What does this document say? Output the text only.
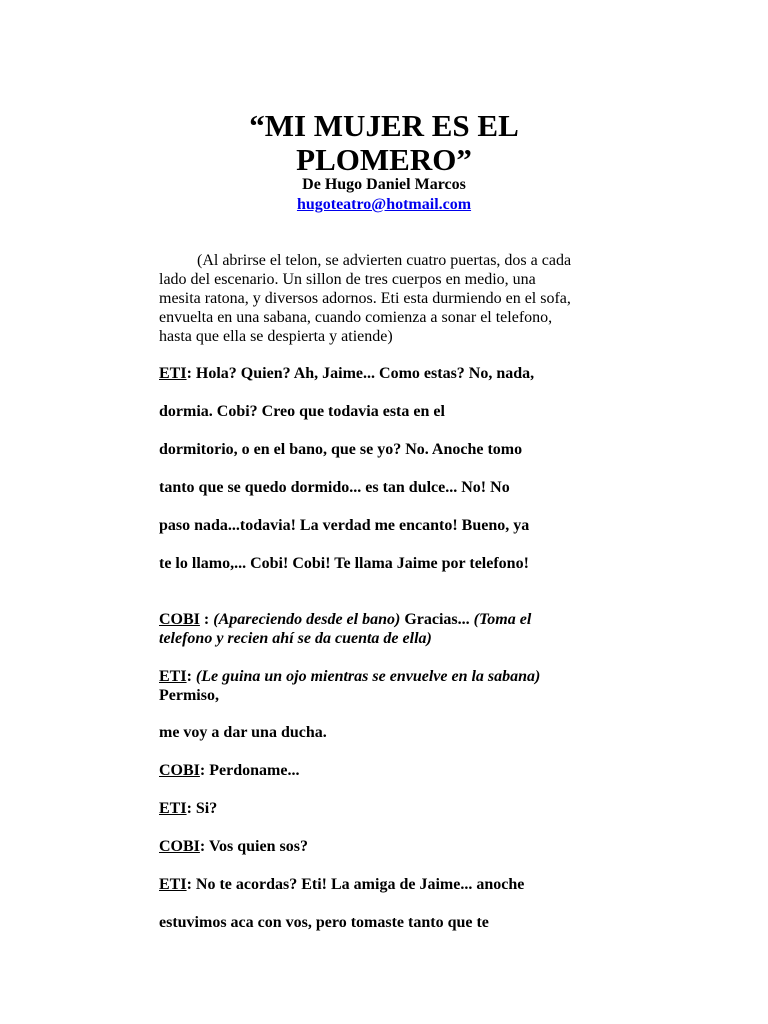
“MI MUJER ES EL
PLOMERO”
De Hugo Daniel Marcos
hugoteatro@hotmail.com
(Al abrirse el telon, se advierten cuatro puertas, dos a cada
lado del escenario. Un sillon de tres cuerpos en medio, una
mesita ratona, y diversos adornos. Eti esta durmiendo en el sofa,
envuelta en una sabana, cuando comienza a sonar el telefono,
hasta que ella se despierta y atiende)
ETI: Hola? Quien? Ah, Jaime... Como estas? No, nada,
dormia. Cobi? Creo que todavia esta en el
dormitorio, o en el bano, que se yo? No. Anoche tomo
tanto que se quedo dormido... es tan dulce... No! No
paso nada...todavia! La verdad me encanto! Bueno, ya
te lo llamo,... Cobi! Cobi! Te llama Jaime por telefono!
COBI : (Apareciendo desde el bano) Gracias... (Toma el
telefono y recien ahí se da cuenta de ella)
ETI: (Le guina un ojo mientras se envuelve en la sabana)
Permiso,
me voy a dar una ducha.
COBI: Perdoname...
ETI: Si?
COBI: Vos quien sos?
ETI: No te acordas? Eti! La amiga de Jaime... anoche
estuvimos aca con vos, pero tomaste tanto que te
